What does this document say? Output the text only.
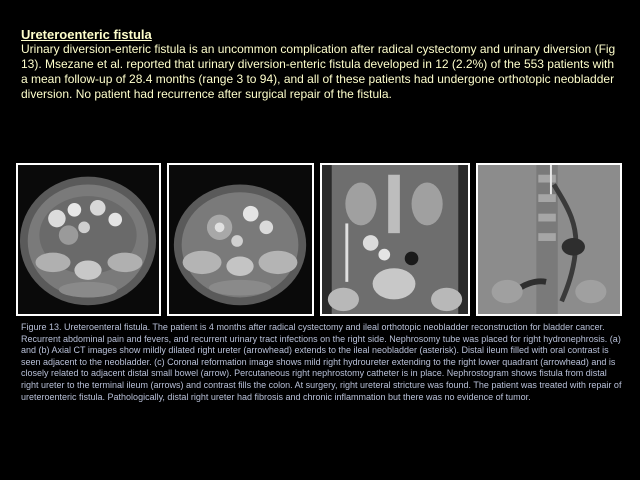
Ureteroenteric fistula

Urinary diversion-enteric fistula is an uncommon complication after radical cystectomy and urinary diversion (Fig 13). Msezane et al. reported that urinary diversion-enteric fistula developed in 12 (2.2%) of the 553 patients with a mean follow-up of 28.4 months (range 3 to 94), and all of these patients had undergone orthotopic neobladder diversion. No patient had recurrence after surgical repair of the fistula.

Figure 13. Ureteroenteral fistula. The patient is 4 months after radical cystectomy and ileal orthotopic neobladder reconstruction for bladder cancer. Recurrent abdominal pain and fevers, and recurrent urinary tract infections on the right side. Nephrosomy tube was placed for right hydronephrosis. (a) and (b) Axial CT images show mildly dilated right ureter (arrowhead) extends to the ileal neobladder (asterisk). Distal ileum filled with oral contrast is seen adjacent to the neobladder. (c) Coronal reformation image shows mild right hydroureter extending to the right lower quadrant (arrowhead) and is closely related to adjacent distal small bowel (arrow). Percutaneous right nephrostomy catheter is in place. Nephrostogram shows fistula from distal right ureter to the terminal ileum (arrows) and contrast fills the colon. At surgery, right ureteral stricture was found. The patient was treated with repair of ureteroenteric fistula. Pathologically, distal right ureter had fibrosis and chronic inflammation but there was no evidence of tumor.
